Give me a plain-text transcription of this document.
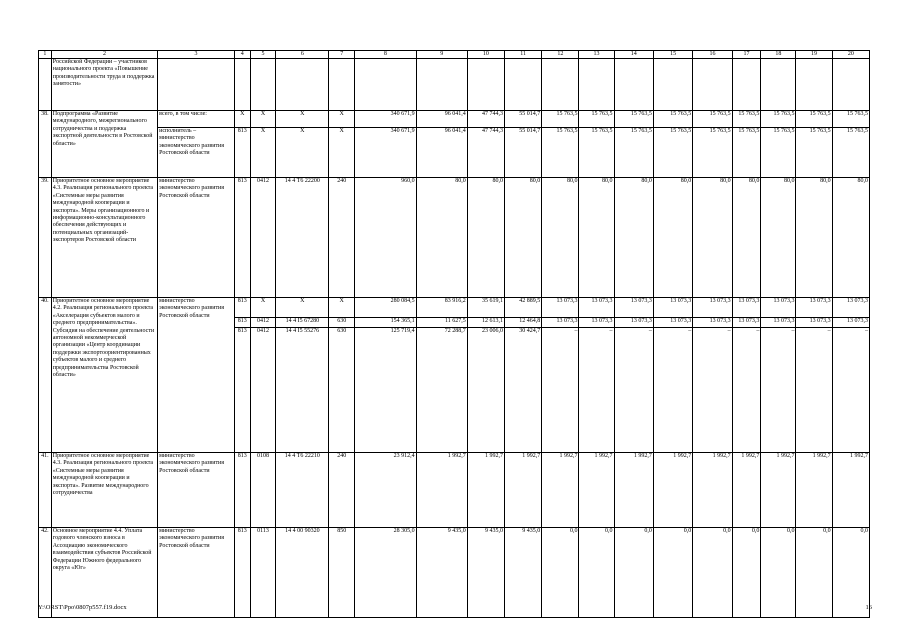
1	2	3	4	5	6	7	8	9	10	11	12	13	14	15	16	17	18	19	20
	Российской Федерации – участников национального проекта «Повышение производительности труда и поддержка занятости»																		
38.	Подпрограмма «Развитие международного, межрегионального сотрудничества и поддержка экспортной деятельности в Ростовской области»	всего, в том числе:	Х	Х	Х	Х	340 671,9	96 041,4	47 744,3	55 014,7	15 763,5	15 763,5	15 763,5	15 763,5	15 763,5	15 763,5	15 763,5	15 763,5	15 763,5
		исполнитель – министерство экономического развития Ростовской области	813	Х	Х	Х	340 671,9	96 041,4	47 744,3	55 014,7	15 763,5	15 763,5	15 763,5	15 763,5	15 763,5	15 763,5	15 763,5	15 763,5	15 763,5
39.	Приоритетное основное мероприятие 4.3. Реализация регионального проекта «Системные меры развития международной кооперации и экспорта». Меры организационного и информационно-консультационного обеспечения действующих и потенциальных организаций-экспортеров Ростовской области	министерство экономического развития Ростовской области	813	0412	14 4 Т6 22200	240	960,0	80,0	80,0	80,0	80,0	80,0	80,0	80,0	80,0	80,0	80,0	80,0	80,0
40.	Приоритетное основное мероприятие 4.2. Реализация регионального проекта «Акселерация субъектов малого и среднего предпринимательства». Субсидия на обеспечение деятельности автономной некоммерческой организации «Центр координации поддержки экспортоориентированных субъектов малого и среднего предпринимательства Ростовской области»	министерство экономического развития Ростовской области	813	Х	Х	Х	280 084,5	83 916,2	35 619,1	42 889,5	13 073,3	13 073,3	13 073,3	13 073,3	13 073,3	13 073,3	13 073,3	13 073,3	13 073,3
			813	0412	14 4 I5 67280	630	154 365,1	11 627,5	12 613,1	12 464,8	13 073,3	13 073,3	13 073,3	13 073,3	13 073,3	13 073,3	13 073,3	13 073,3	13 073,3
			813	0412	14 4 I5 55276	630	125 719,4	72 288,7	23 006,0	30 424,7	–	–	–	–	–	–	–	–	–
41.	Приоритетное основное мероприятие 4.3. Реализация регионального проекта «Системные меры развития международной кооперации и экспорта». Развитие международного сотрудничества	министерство экономического развития Ростовской области	813	0108	14 4 Т6 22210	240	23 912,4	1 992,7	1 992,7	1 992,7	1 992,7	1 992,7	1 992,7	1 992,7	1 992,7	1 992,7	1 992,7	1 992,7	1 992,7
42.	Основное мероприятие 4.4. Уплата годового членского взноса в Ассоциацию экономического взаимодействия субъектов Российской Федерации Южного федерального округа «Юг»	министерство экономического развития Ростовской области	813	0113	14 4 00 90320	850	28 305,0	9 435,0	9 435,0	9 435,0	0,0	0,0	0,0	0,0	0,0	0,0	0,0	0,0	0,0
Y:\ORST\Ppo\0807p557.f19.docx	16
